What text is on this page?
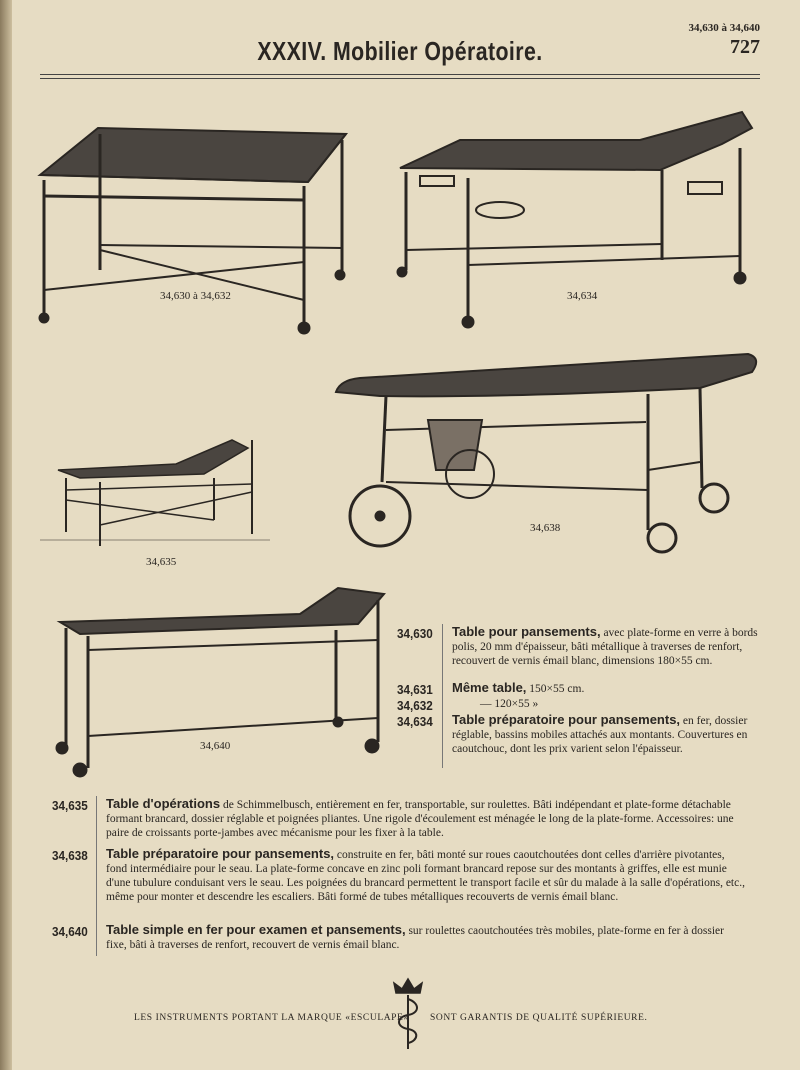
34,630 à 34,640
727
XXXIV. Mobilier Opératoire.
34,630 à 34,632	34,634
34,635
34,638
34,640
34,630 Table pour pansements, avec plate-forme en verre à bords polis, 20 mm d'épaisseur, bâti métallique à traverses de renfort, recouvert de vernis émail blanc, dimensions 180×55 cm.
34,631 Même table, 150×55 cm.
34,632	— 120×55 »
34,634 Table préparatoire pour pansements, en fer, dossier réglable, bassins mobiles attachés aux montants. Couvertures en caoutchouc, dont les prix varient selon l'épaisseur.
34,635 Table d'opérations de Schimmelbusch, entièrement en fer, transportable, sur roulettes. Bâti indépendant et plate-forme détachable formant brancard, dossier réglable et poignées pliantes. Une rigole d'écoulement est ménagée le long de la plate-forme. Accessoires: une paire de croissants porte-jambes avec mécanisme pour les fixer à la table.
34,638 Table préparatoire pour pansements, construite en fer, bâti monté sur roues caoutchoutées dont celles d'arrière pivotantes, fond intermédiaire pour le seau. La plate-forme concave en zinc poli formant brancard repose sur des montants à griffes, elle est munie d'une tubulure conduisant vers le seau. Les poignées du brancard permettent le transport facile et sûr du malade à la salle d'opérations, etc., même pour monter et descendre les escaliers. Bâti formé de tubes métalliques recouverts de vernis émail blanc.
34,640 Table simple en fer pour examen et pansements, sur roulettes caoutchoutées très mobiles, plate-forme en fer à dossier fixe, bâti à traverses de renfort, recouvert de vernis émail blanc.
LES INSTRUMENTS PORTANT LA MARQUE «ESCULAPE» SONT GARANTIS DE QUALITÉ SUPÉRIEURE.
